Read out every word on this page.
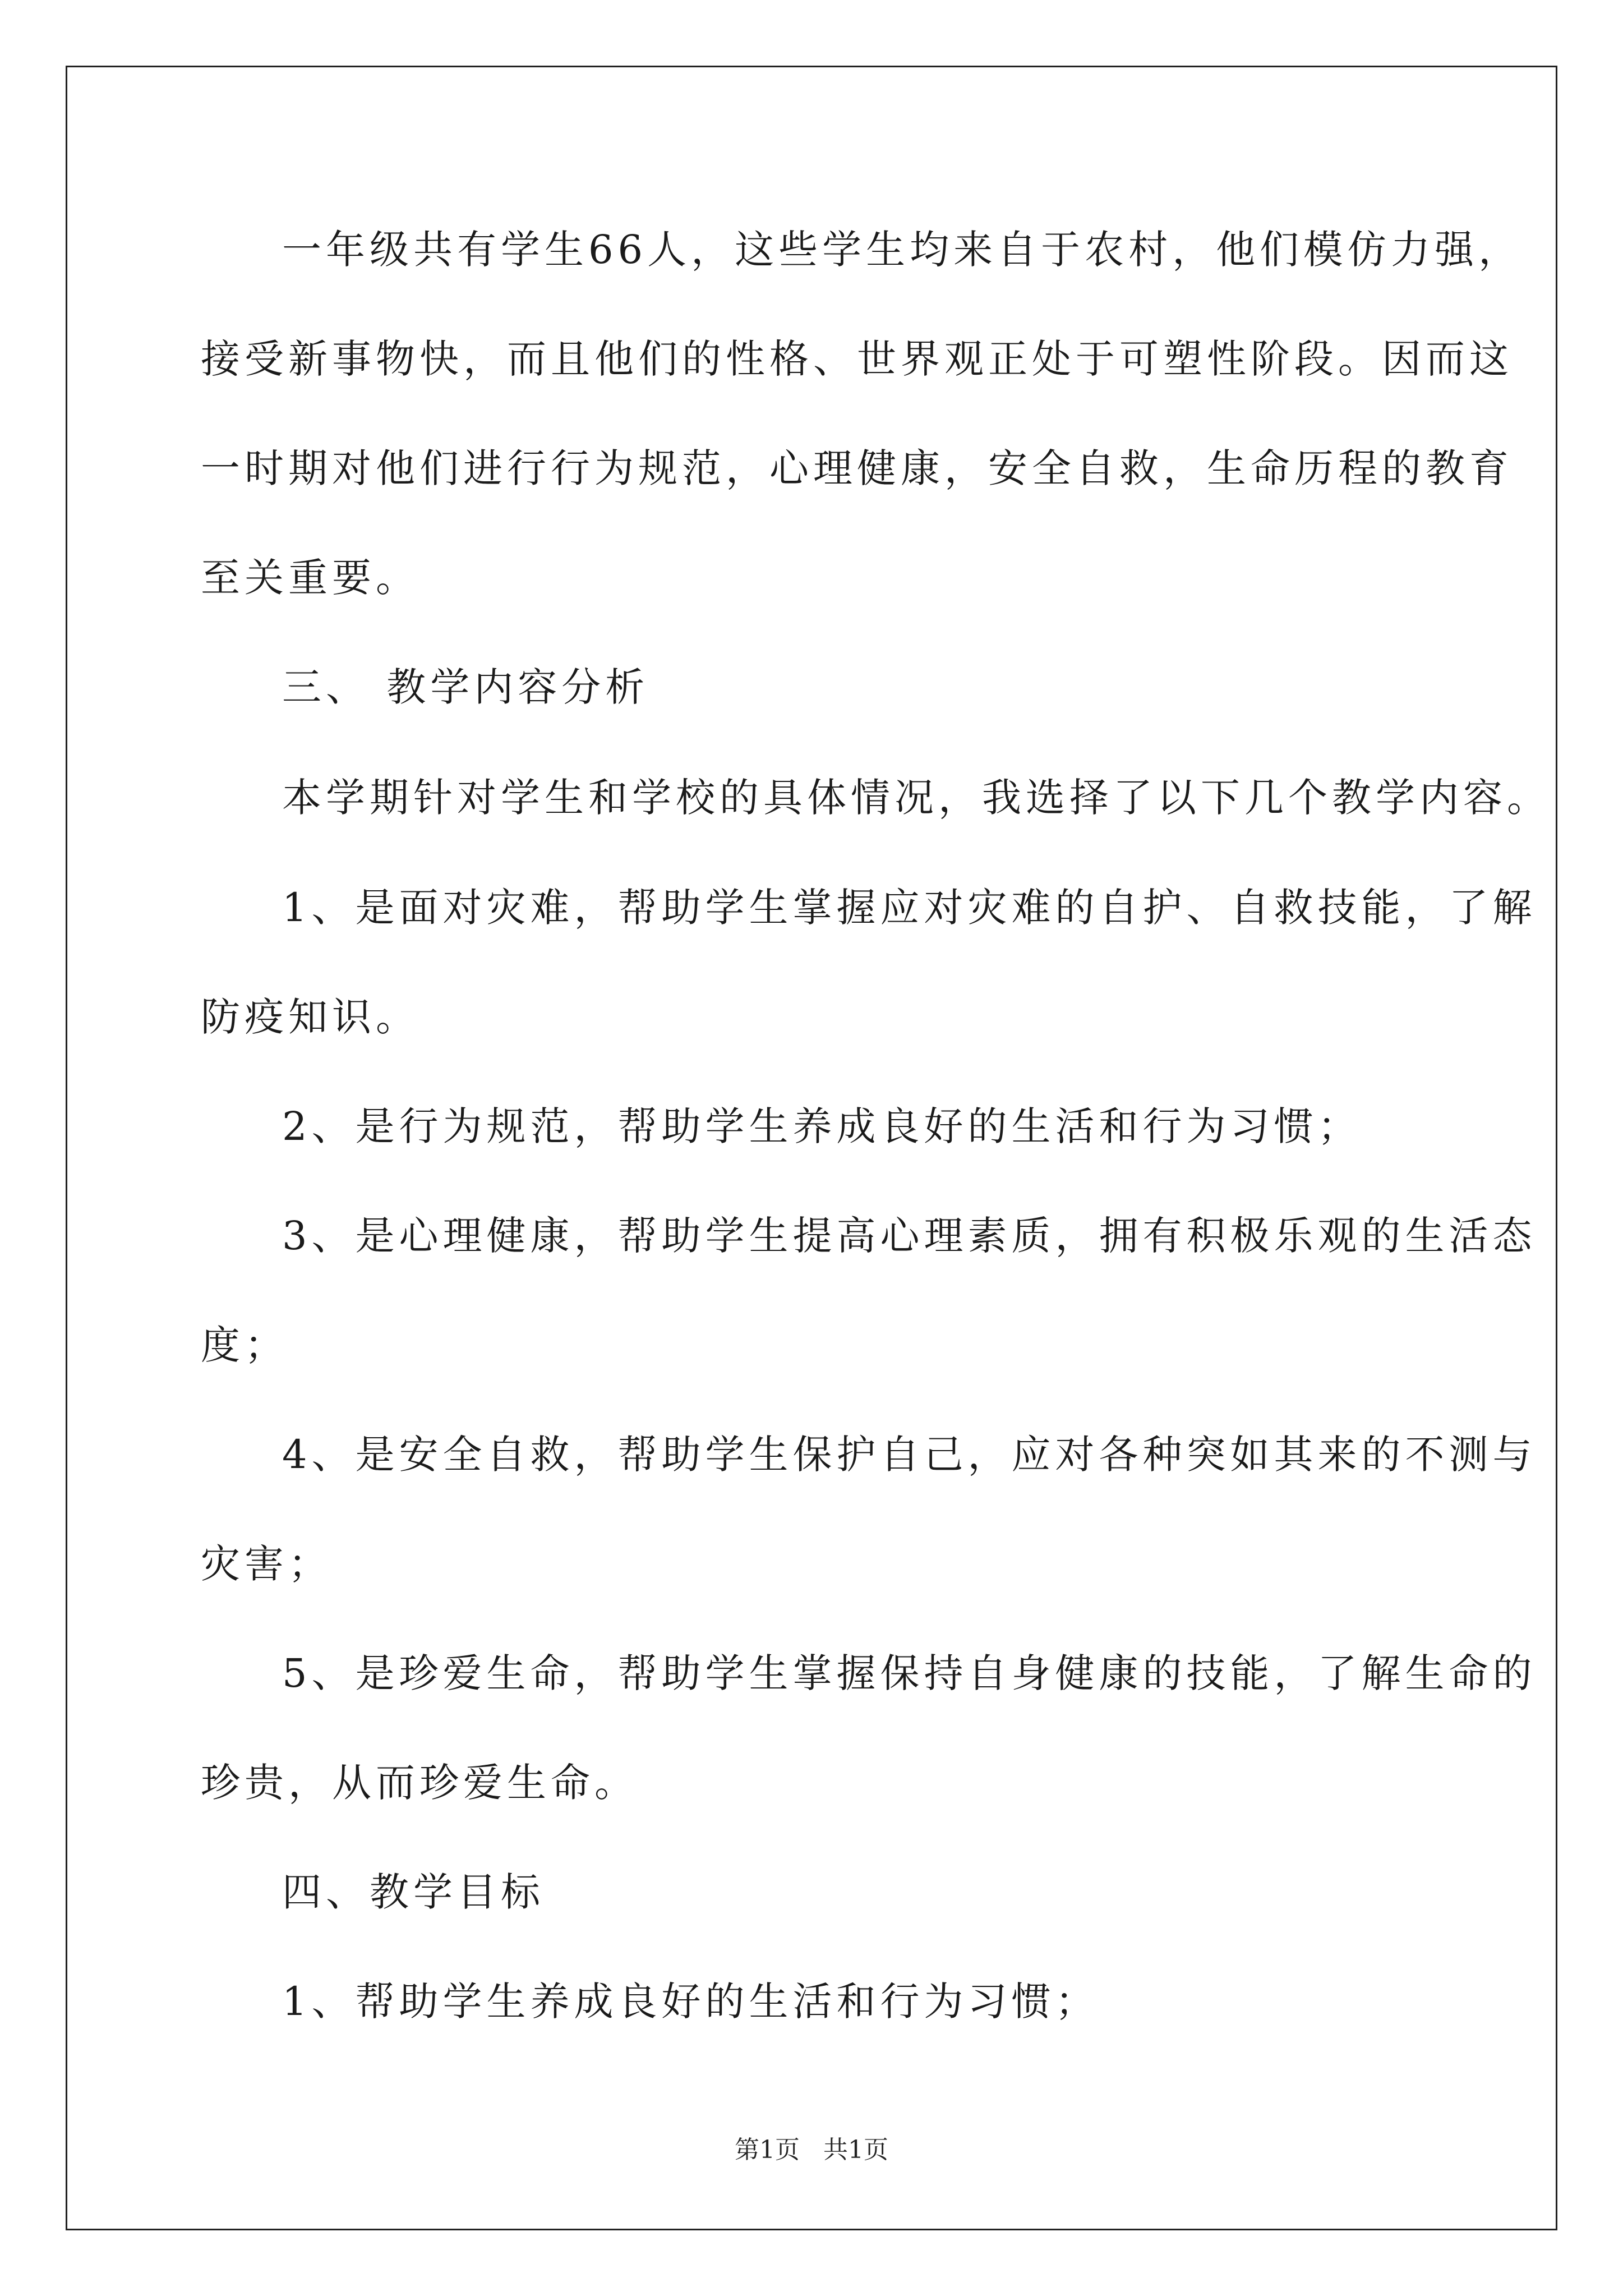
一年级共有学生66人，这些学生均来自于农村，他们模仿力强，
接受新事物快，而且他们的性格、世界观正处于可塑性阶段。因而这
一时期对他们进行行为规范，心理健康，安全自救，生命历程的教育
至关重要。
三、 教学内容分析
本学期针对学生和学校的具体情况，我选择了以下几个教学内容。
1、是面对灾难，帮助学生掌握应对灾难的自护、自救技能，了解
防疫知识。
2、是行为规范，帮助学生养成良好的生活和行为习惯；
3、是心理健康，帮助学生提高心理素质，拥有积极乐观的生活态
度；
4、是安全自救，帮助学生保护自己，应对各种突如其来的不测与
灾害；
5、是珍爱生命，帮助学生掌握保持自身健康的技能，了解生命的
珍贵，从而珍爱生命。
四、教学目标
1、帮助学生养成良好的生活和行为习惯；
第1页   共1页
